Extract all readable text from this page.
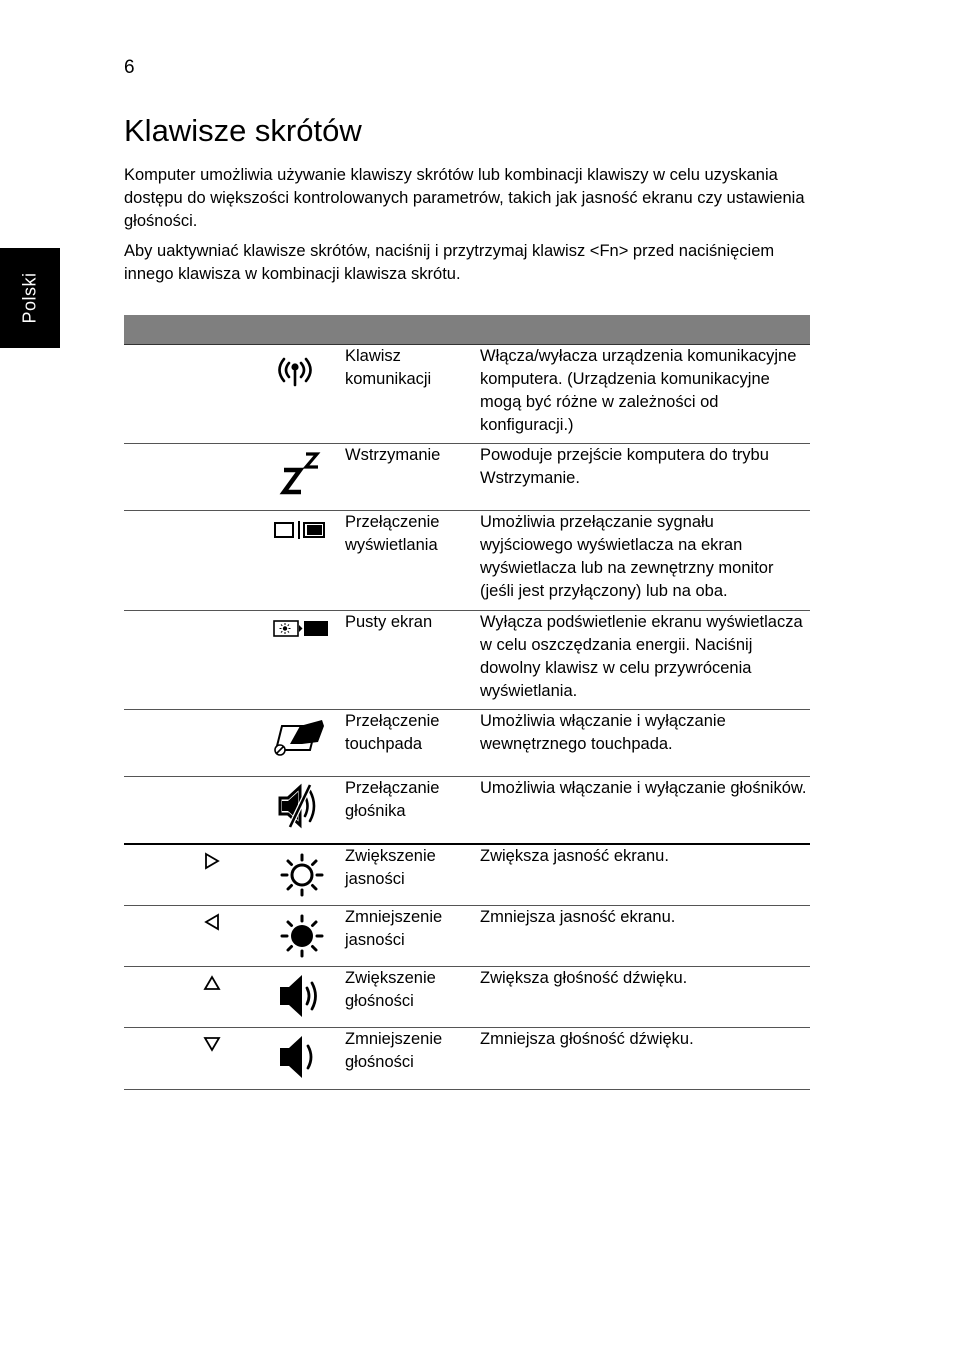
6
Polski
Klawisze skrótów

Komputer umożliwia używanie klawiszy skrótów lub kombinacji klawiszy w celu uzyskania dostępu do większości kontrolowanych parametrów, takich jak jasność ekranu czy ustawienia głośności.

Aby uaktywniać klawisze skrótów, naciśnij i przytrzymaj klawisz <Fn> przed naciśnięciem innego klawisza w kombinacji klawisza skrótu.

Klawisz komunikacji
Włącza/wyłacza urządzenia komunikacyjne komputera. (Urządzenia komunikacyjne mogą być różne w zależności od konfiguracji.)
Wstrzymanie	Powoduje przejście komputera do trybu Wstrzymanie.
Przełączenie wyświetlania
Umożliwia przełączanie sygnału wyjściowego wyświetlacza na ekran wyświetlacza lub na zewnętrzny monitor (jeśli jest przyłączony) lub na oba.
Pusty ekran	Wyłącza podświetlenie ekranu wyświetlacza w celu oszczędzania energii. Naciśnij dowolny klawisz w celu przywrócenia wyświetlania.
Przełączenie touchpada
Umożliwia włączanie i wyłączanie wewnętrznego touchpada.
Przełączanie głośnika
Umożliwia włączanie i wyłączanie głośników.
Zwiększenie jasności
Zwiększa jasność ekranu.
Zmniejszenie jasności
Zmniejsza jasność ekranu.
Zwiększenie głośności
Zwiększa głośność dźwięku.
Zmniejszenie głośności
Zmniejsza głośność dźwięku.
